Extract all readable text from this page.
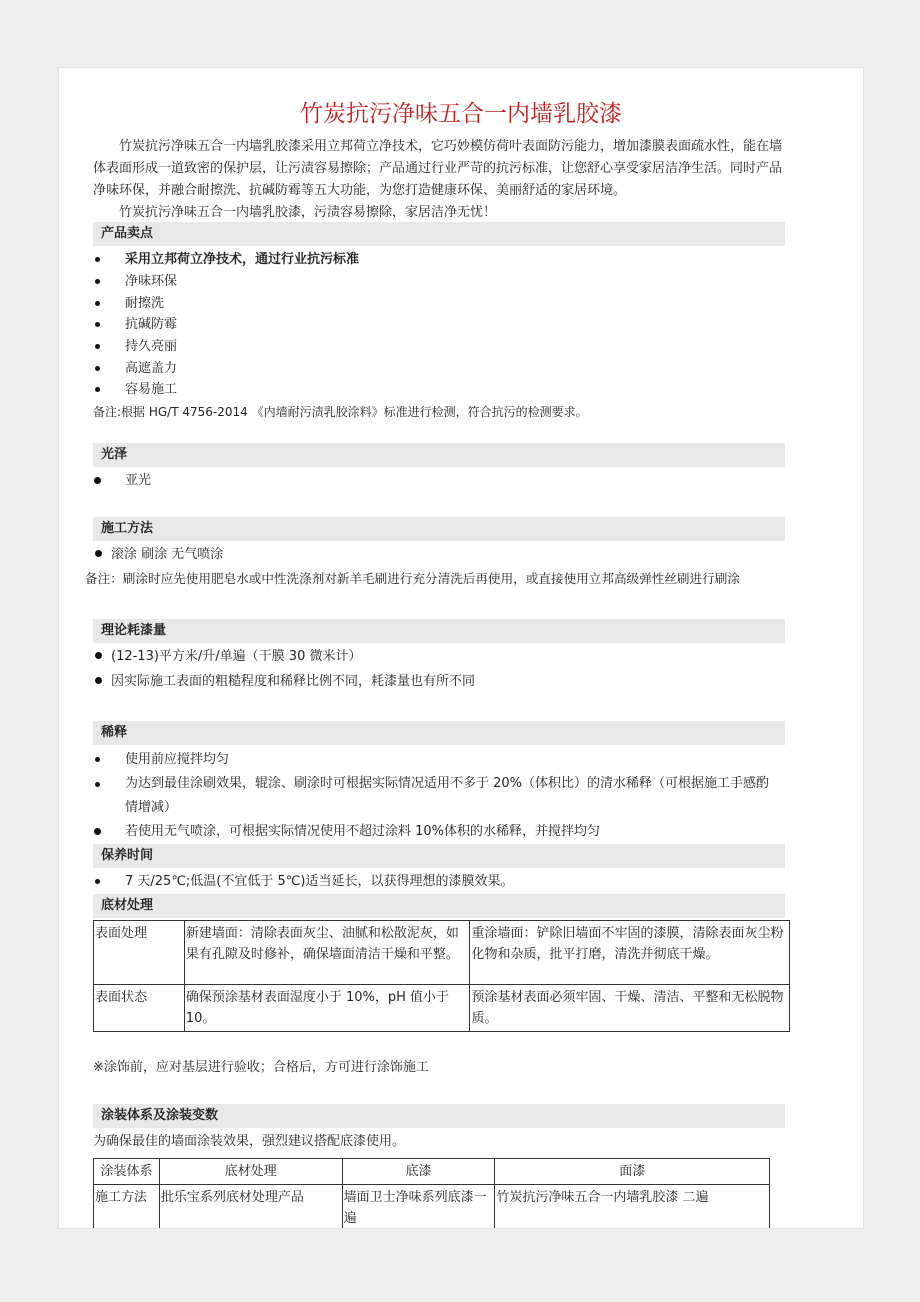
竹炭抗污净味五合一内墙乳胶漆

竹炭抗污净味五合一内墙乳胶漆采用立邦荷立净技术，它巧妙模仿荷叶表面防污能力，增加漆膜表面疏水性，能在墙体表面形成一道致密的保护层，让污渍容易擦除；产品通过行业严苛的抗污标准，让您舒心享受家居洁净生活。同时产品净味环保，并融合耐擦洗、抗碱防霉等五大功能，为您打造健康环保、美丽舒适的家居环境。

竹炭抗污净味五合一内墙乳胶漆，污渍容易擦除，家居洁净无忧！

产品卖点
采用立邦荷立净技术，通过行业抗污标准
净味环保
耐擦洗
抗碱防霉
持久亮丽
高遮盖力
容易施工
备注:根据 HG/T 4756-2014 《内墙耐污渍乳胶涂料》标准进行检测，符合抗污的检测要求。
光泽
亚光
施工方法
滚涂 刷涂 无气喷涂
备注：刷涂时应先使用肥皂水或中性洗涤剂对新羊毛刷进行充分清洗后再使用，或直接使用立邦高级弹性丝刷进行刷涂
理论耗漆量
(12-13)平方米/升/单遍（干膜 30 微米计）
因实际施工表面的粗糙程度和稀释比例不同，耗漆量也有所不同
稀释
使用前应搅拌均匀
为达到最佳涂刷效果，辊涂、刷涂时可根据实际情况适用不多于 20%（体积比）的清水稀释（可根据施工手感酌
情增减）
若使用无气喷涂，可根据实际情况使用不超过涂料 10%体积的水稀释，并搅拌均匀
保养时间
7 天/25℃;低温(不宜低于 5℃)适当延长，以获得理想的漆膜效果。
底材处理
表面处理	新建墙面：清除表面灰尘、油腻和松散泥灰，如果有孔隙及时修补，确保墙面清洁干燥和平整。	重涂墙面：铲除旧墙面不牢固的漆膜，清除表面灰尘粉化物和杂质，批平打磨，清洗并彻底干燥。
表面状态	确保预涂基材表面湿度小于 10%，pH 值小于10。	预涂基材表面必须牢固、干燥、清洁、平整和无松脱物质。
※涂饰前，应对基层进行验收；合格后，方可进行涂饰施工
涂装体系及涂装变数
为确保最佳的墙面涂装效果，强烈建议搭配底漆使用。
涂装体系	底材处理	底漆	面漆
施工方法	批乐宝系列底材处理产品	墙面卫士净味系列底漆一遍	竹炭抗污净味五合一内墙乳胶漆 二遍
